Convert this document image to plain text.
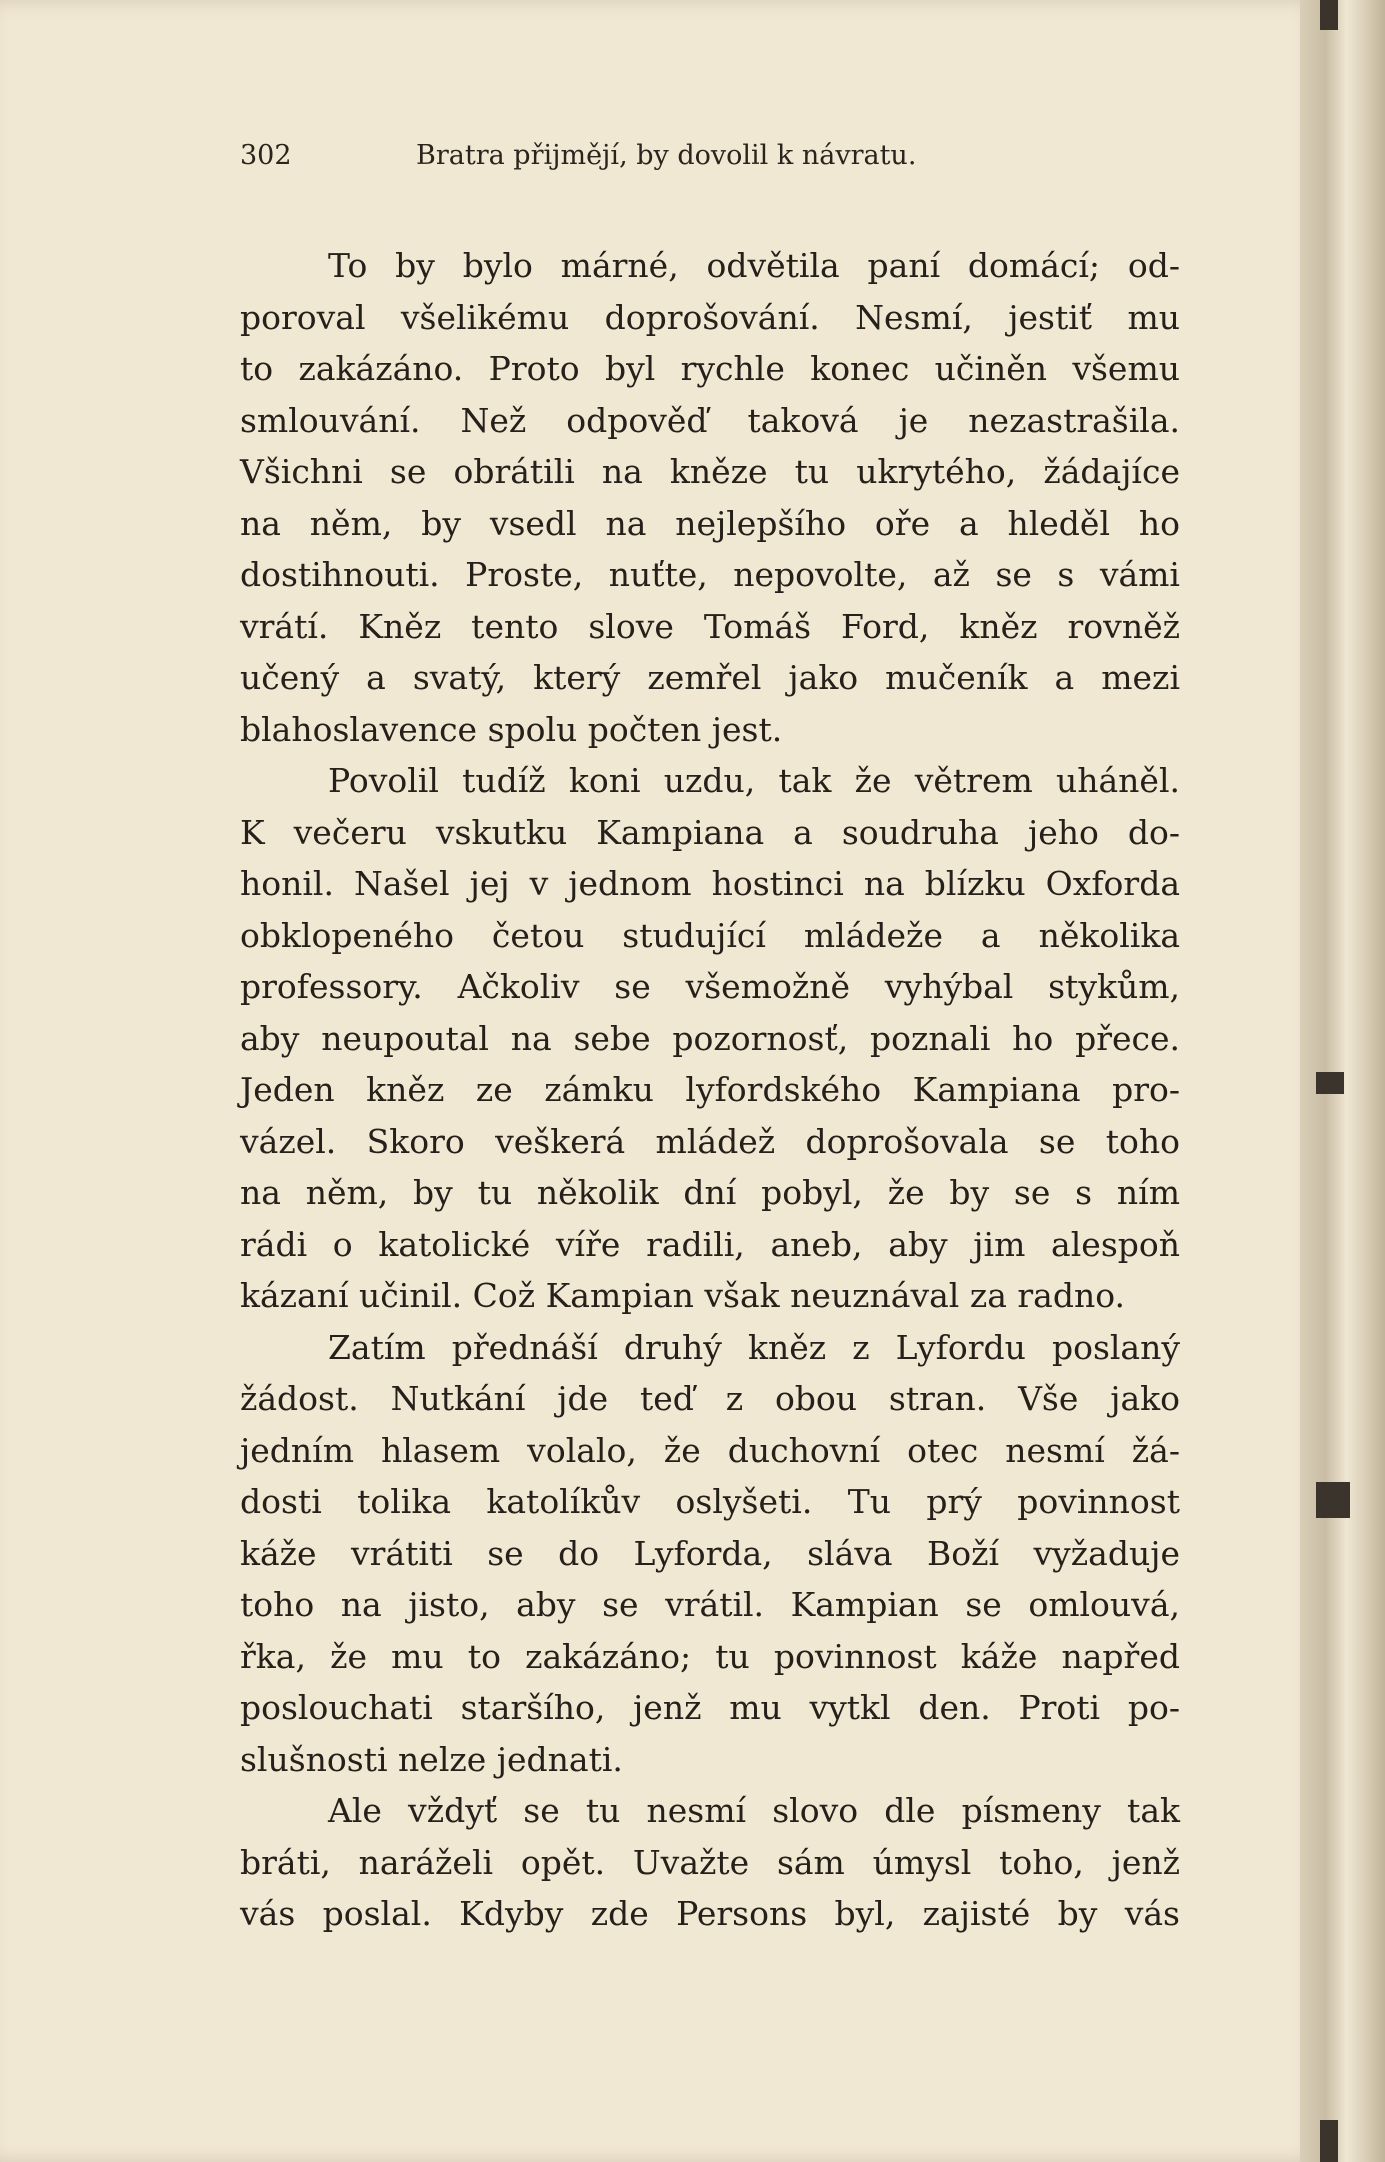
302	Bratra přijmějí, by dovolil k návratu.
To by bylo márné, odvětila paní domácí; od-
poroval všelikému doprošování. Nesmí, jestiť mu
to zakázáno. Proto byl rychle konec učiněn všemu
smlouvání. Než odpověď taková je nezastrašila.
Všichni se obrátili na kněze tu ukrytého, žádajíce
na něm, by vsedl na nejlepšího oře a hleděl ho
dostihnouti. Proste, nuťte, nepovolte, až se s vámi
vrátí. Kněz tento slove Tomáš Ford, kněz rovněž
učený a svatý, který zemřel jako mučeník a mezi
blahoslavence spolu počten jest.
Povolil tudíž koni uzdu, tak že větrem uháněl.
K večeru vskutku Kampiana a soudruha jeho do-
honil. Našel jej v jednom hostinci na blízku Oxforda
obklopeného četou studující mládeže a několika
professory. Ačkoliv se všemožně vyhýbal stykům,
aby neupoutal na sebe pozornosť, poznali ho přece.
Jeden kněz ze zámku lyfordského Kampiana pro-
vázel. Skoro veškerá mládež doprošovala se toho
na něm, by tu několik dní pobyl, že by se s ním
rádi o katolické víře radili, aneb, aby jim alespoň
kázaní učinil. Což Kampian však neuznával za radno.
Zatím přednáší druhý kněz z Lyfordu poslaný
žádost. Nutkání jde teď z obou stran. Vše jako
jedním hlasem volalo, že duchovní otec nesmí žá-
dosti tolika katolíkův oslyšeti. Tu prý povinnost
káže vrátiti se do Lyforda, sláva Boží vyžaduje
toho na jisto, aby se vrátil. Kampian se omlouvá,
řka, že mu to zakázáno; tu povinnost káže napřed
poslouchati staršího, jenž mu vytkl den. Proti po-
slušnosti nelze jednati.
Ale vždyť se tu nesmí slovo dle písmeny tak
bráti, naráželi opět. Uvažte sám úmysl toho, jenž
vás poslal. Kdyby zde Persons byl, zajisté by vás
